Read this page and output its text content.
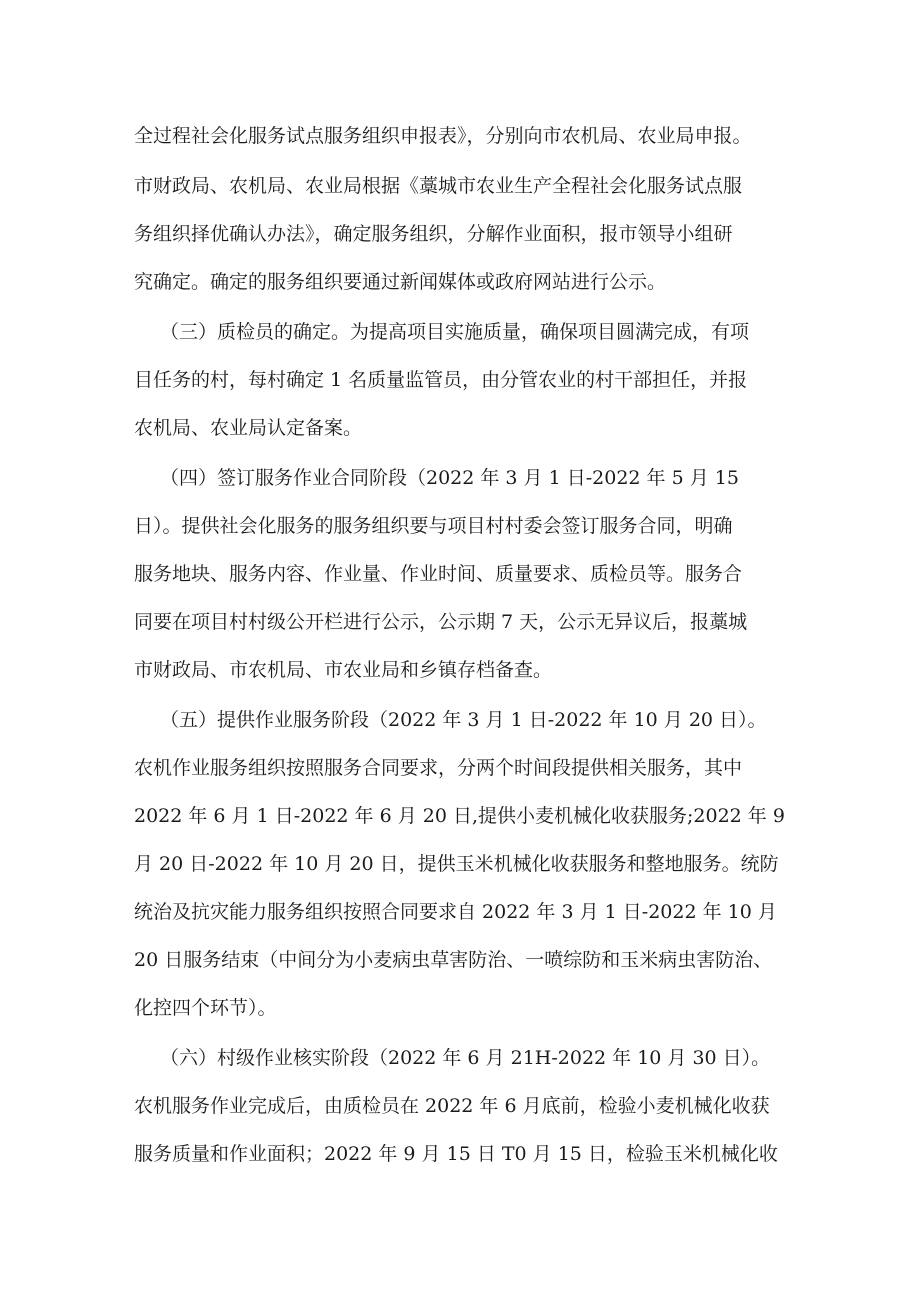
全过程社会化服务试点服务组织申报表》，分别向市农机局、农业局申报。
市财政局、农机局、农业局根据《藁城市农业生产全程社会化服务试点服
务组织择优确认办法》，确定服务组织，分解作业面积，报市领导小组研
究确定。确定的服务组织要通过新闻媒体或政府网站进行公示。
（三）质检员的确定。为提高项目实施质量，确保项目圆满完成，有项
目任务的村，每村确定 1 名质量监管员，由分管农业的村干部担任，并报
农机局、农业局认定备案。
（四）签订服务作业合同阶段（2022 年 3 月 1 日-2022 年 5 月 15
日）。提供社会化服务的服务组织要与项目村村委会签订服务合同，明确
服务地块、服务内容、作业量、作业时间、质量要求、质检员等。服务合
同要在项目村村级公开栏进行公示，公示期 7 天，公示无异议后，报藁城
市财政局、市农机局、市农业局和乡镇存档备查。
（五）提供作业服务阶段（2022 年 3 月 1 日-2022 年 10 月 20 日）。
农机作业服务组织按照服务合同要求，分两个时间段提供相关服务，其中
2022 年 6 月 1 日-2022 年 6 月 20 日,提供小麦机械化收获服务;2022 年 9
月 20 日-2022 年 10 月 20 日，提供玉米机械化收获服务和整地服务。统防
统治及抗灾能力服务组织按照合同要求自 2022 年 3 月 1 日-2022 年 10 月
20 日服务结束（中间分为小麦病虫草害防治、一喷综防和玉米病虫害防治、
化控四个环节）。
（六）村级作业核实阶段（2022 年 6 月 21H-2022 年 10 月 30 日）。
农机服务作业完成后，由质检员在 2022 年 6 月底前，检验小麦机械化收获
服务质量和作业面积；2022 年 9 月 15 日 T0 月 15 日，检验玉米机械化收
